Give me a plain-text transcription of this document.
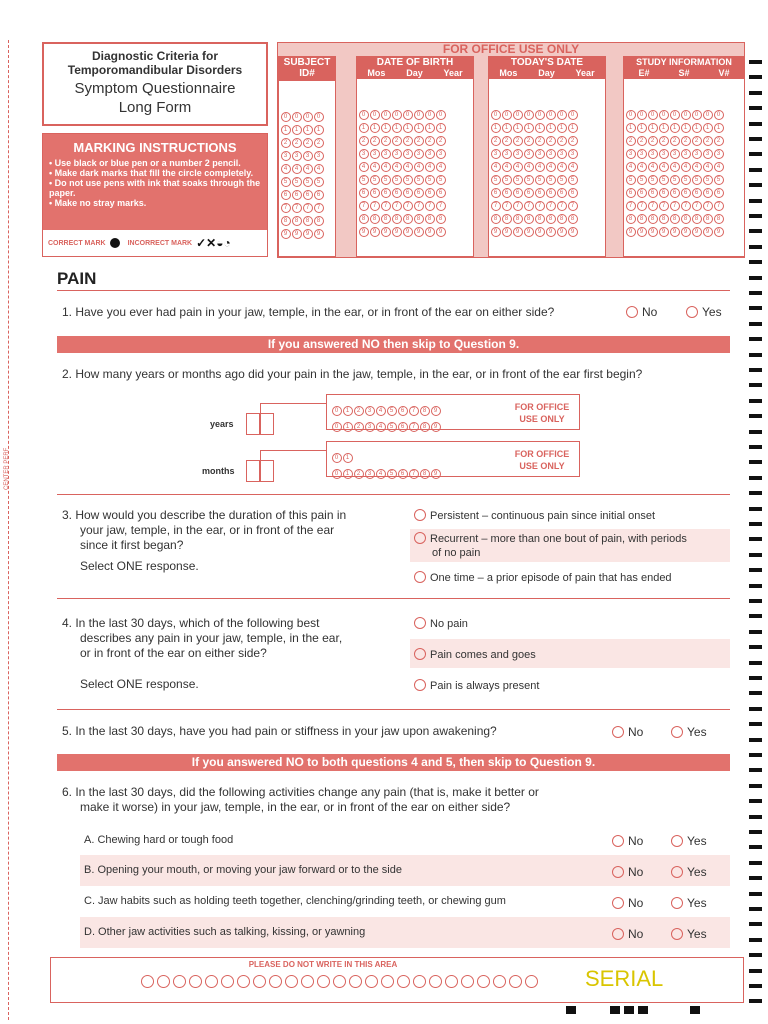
CENTER PERF
Diagnostic Criteria for
Temporomandibular Disorders
Symptom Questionnaire
Long Form
MARKING INSTRUCTIONS
• Use black or blue pen or a number 2 pencil.
• Make dark marks that fill the circle completely.
• Do not use pens with ink that soaks through the paper.
• Make no stray marks.
CORRECT MARK	INCORRECT MARK ✓✕◒◔
FOR OFFICE USE ONLY
SUBJECT ID#
0 0 0 0
1 1 1 1
2 2 2 2
3 3 3 3
4 4 4 4
5 5 5 5
6 6 6 6
7 7 7 7
8 8 8 8
9 9 9 9
DATE OF BIRTH
Mos Day Year
0 0 0 0 0 0 0 0
1 1 1 1 1 1 1 1
2 2 2 2 2 2 2 2
3 3 3 3 3 3 3 3
4 4 4 4 4 4 4 4
5 5 5 5 5 5 5 5
6 6 6 6 6 6 6 6
7 7 7 7 7 7 7 7
8 8 8 8 8 8 8 8
9 9 9 9 9 9 9 9
TODAY'S DATE
Mos Day Year
0 0 0 0 0 0 0 0
1 1 1 1 1 1 1 1
2 2 2 2 2 2 2 2
3 3 3 3 3 3 3 3
4 4 4 4 4 4 4 4
5 5 5 5 5 5 5 5
6 6 6 6 6 6 6 6
7 7 7 7 7 7 7 7
8 8 8 8 8 8 8 8
9 9 9 9 9 9 9 9
STUDY INFORMATION
E#	S#	V#
0 0 0 0 0 0 0 0 0
1 1 1 1 1 1 1 1 1
2 2 2 2 2 2 2 2 2
3 3 3 3 3 3 3 3 3
4 4 4 4 4 4 4 4 4
5 5 5 5 5 5 5 5 5
6 6 6 6 6 6 6 6 6
7 7 7 7 7 7 7 7 7
8 8 8 8 8 8 8 8 8
9 9 9 9 9 9 9 9 9
PAIN
1. Have you ever had pain in your jaw, temple, in the ear, or in front of the ear on either side?	No	Yes
If you answered NO then skip to Question 9.
2. How many years or months ago did your pain in the jaw, temple, in the ear, or in front of the ear first begin?
years
0 1 2 3 4 5 6 7 8 9
0 1 2 3 4 5 6 7 8 9
FOR OFFICE USE ONLY
months
0 1
0 1 2 3 4 5 6 7 8 9
FOR OFFICE USE ONLY
3. How would you describe the duration of this pain in
your jaw, temple, in the ear, or in front of the ear
since it first began?
Select ONE response.
Persistent – continuous pain since initial onset
Recurrent – more than one bout of pain, with periods
of no pain
One time – a prior episode of pain that has ended
4. In the last 30 days, which of the following best
describes any pain in your jaw, temple, in the ear,
or in front of the ear on either side?
Select ONE response.
No pain
Pain comes and goes
Pain is always present
5. In the last 30 days, have you had pain or stiffness in your jaw upon awakening?	No	Yes
If you answered NO to both questions 4 and 5, then skip to Question 9.
6. In the last 30 days, did the following activities change any pain (that is, make it better or
make it worse) in your jaw, temple, in the ear, or in front of the ear on either side?
A. Chewing hard or tough food	No	Yes
B. Opening your mouth, or moving your jaw forward or to the side	No	Yes
C. Jaw habits such as holding teeth together, clenching/grinding teeth, or chewing gum	No	Yes
D. Other jaw activities such as talking, kissing, or yawning	No	Yes
PLEASE DO NOT WRITE IN THIS AREA
SERIAL
